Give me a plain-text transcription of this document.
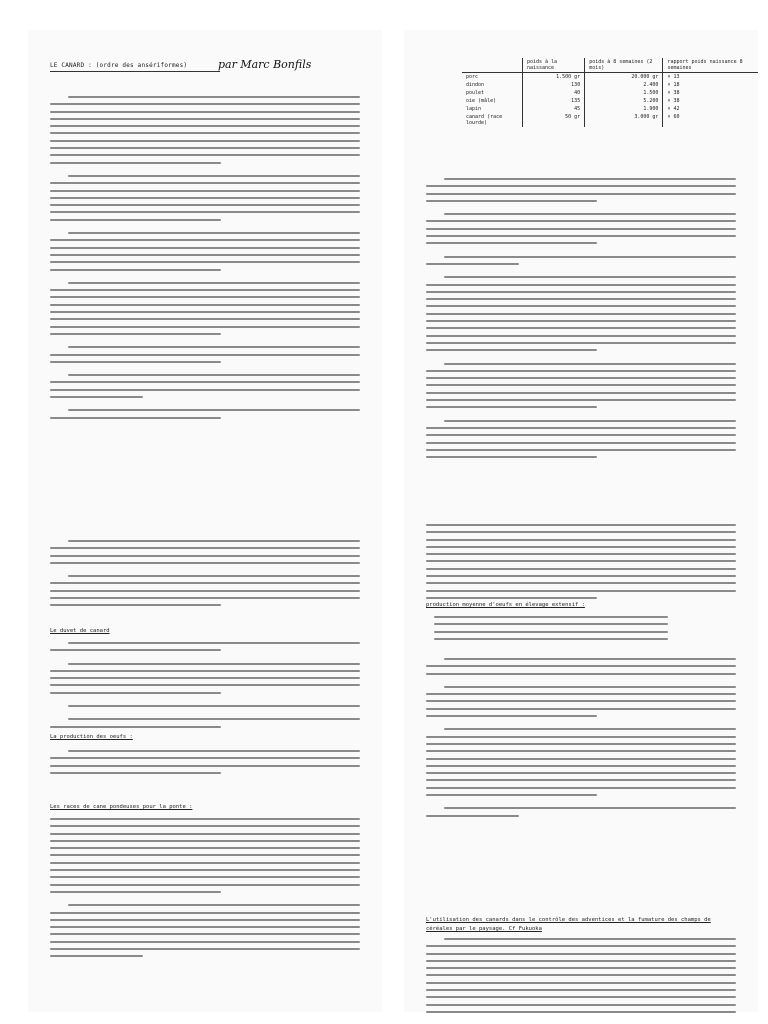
LE CANARD : (ordre des ansériformes)	par Marc Bonfils
		poids à la naissance	poids à 8 semaines (2 mois)	rapport poids naissance 8 semaines
porc	1.500 gr	20.000 gr	× 13
dindon	130	2.400	× 18
poulet	40	1.500	× 38
oie (mâle)	135	5.200	× 38
lapin	45	1.900	× 42
canard (race lourde)	50 gr	3.000 gr	× 60
Le duvet de canard
La production des oeufs :
Les races de cane pondeuses pour la ponte :
production moyenne d'oeufs en élevage extensif :
L'utilisation des canards dans le contrôle des adventices et la fumature des champs de céréales par le paysage. Cf Fukuoka
